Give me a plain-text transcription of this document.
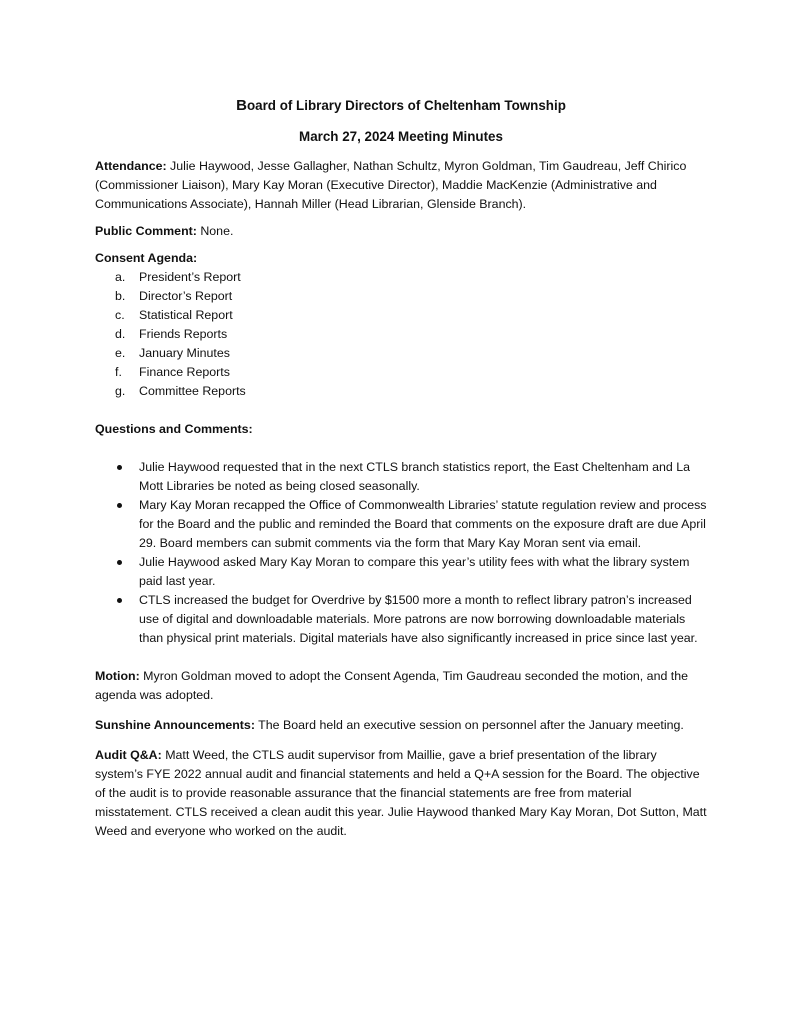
Board of Library Directors of Cheltenham Township

March 27, 2024 Meeting Minutes

Attendance: Julie Haywood, Jesse Gallagher, Nathan Schultz, Myron Goldman, Tim Gaudreau, Jeff Chirico (Commissioner Liaison), Mary Kay Moran (Executive Director), Maddie MacKenzie (Administrative and Communications Associate), Hannah Miller (Head Librarian, Glenside Branch).

Public Comment: None.

Consent Agenda:

a. President’s Report
b. Director’s Report
c. Statistical Report
d. Friends Reports
e. January Minutes
f. Finance Reports
g. Committee Reports

Questions and Comments:

Julie Haywood requested that in the next CTLS branch statistics report, the East Cheltenham and La Mott Libraries be noted as being closed seasonally.
Mary Kay Moran recapped the Office of Commonwealth Libraries’ statute regulation review and process for the Board and the public and reminded the Board that comments on the exposure draft are due April 29. Board members can submit comments via the form that Mary Kay Moran sent via email.
Julie Haywood asked Mary Kay Moran to compare this year’s utility fees with what the library system paid last year.
CTLS increased the budget for Overdrive by $1500 more a month to reflect library patron’s increased use of digital and downloadable materials. More patrons are now borrowing downloadable materials than physical print materials. Digital materials have also significantly increased in price since last year.

Motion: Myron Goldman moved to adopt the Consent Agenda, Tim Gaudreau seconded the motion, and the agenda was adopted.

Sunshine Announcements: The Board held an executive session on personnel after the January meeting.

Audit Q&A: Matt Weed, the CTLS audit supervisor from Maillie, gave a brief presentation of the library system’s FYE 2022 annual audit and financial statements and held a Q+A session for the Board. The objective of the audit is to provide reasonable assurance that the financial statements are free from material misstatement. CTLS received a clean audit this year. Julie Haywood thanked Mary Kay Moran, Dot Sutton, Matt Weed and everyone who worked on the audit.
